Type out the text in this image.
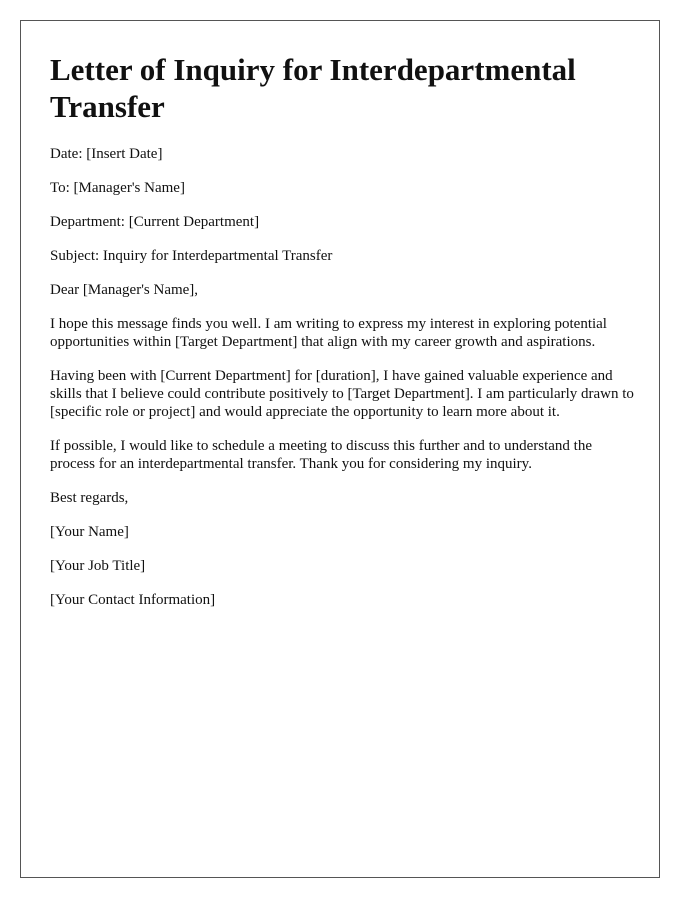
Letter of Inquiry for Interdepartmental Transfer

Date: [Insert Date]

To: [Manager's Name]

Department: [Current Department]

Subject: Inquiry for Interdepartmental Transfer

Dear [Manager's Name],

I hope this message finds you well. I am writing to express my interest in exploring potential opportunities within [Target Department] that align with my career growth and aspirations.

Having been with [Current Department] for [duration], I have gained valuable experience and skills that I believe could contribute positively to [Target Department]. I am particularly drawn to [specific role or project] and would appreciate the opportunity to learn more about it.

If possible, I would like to schedule a meeting to discuss this further and to understand the process for an interdepartmental transfer. Thank you for considering my inquiry.

Best regards,

[Your Name]

[Your Job Title]

[Your Contact Information]
